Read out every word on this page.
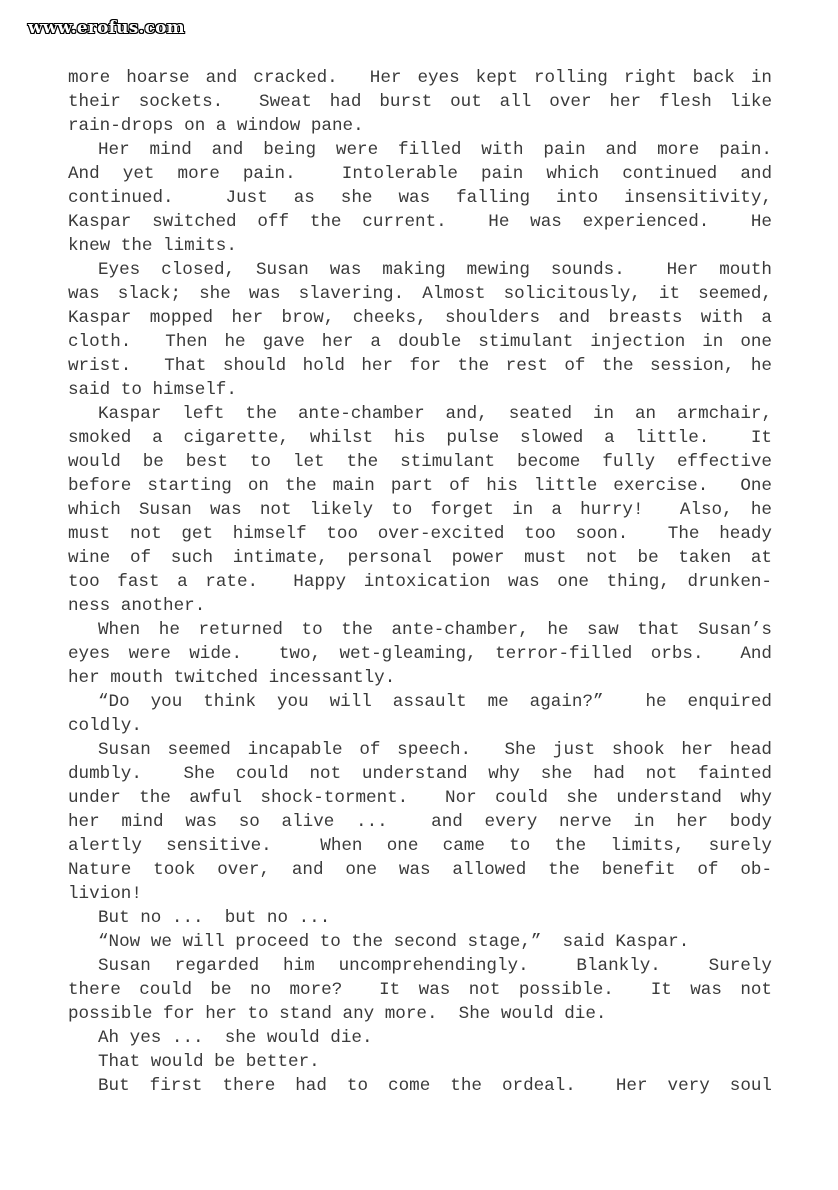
www.erofus.com
more hoarse and cracked.  Her eyes kept rolling right back in
their sockets.  Sweat had burst out all over her flesh like
rain-drops on a window pane.
Her mind and being were filled with pain and more pain.
And yet more pain.  Intolerable pain which continued and
continued.  Just as she was falling into insensitivity,
Kaspar switched off the current.  He was experienced.  He
knew the limits.
Eyes closed, Susan was making mewing sounds.  Her mouth
was slack; she was slavering. Almost solicitously, it seemed,
Kaspar mopped her brow, cheeks, shoulders and breasts with a
cloth.  Then he gave her a double stimulant injection in one
wrist.  That should hold her for the rest of the session, he
said to himself.
Kaspar left the ante-chamber and, seated in an armchair,
smoked a cigarette, whilst his pulse slowed a little.  It
would be best to let the stimulant become fully effective
before starting on the main part of his little exercise.  One
which Susan was not likely to forget in a hurry!  Also, he
must not get himself too over-excited too soon.  The heady
wine of such intimate, personal power must not be taken at
too fast a rate.  Happy intoxication was one thing, drunken-
ness another.
When he returned to the ante-chamber, he saw that Susan’s
eyes were wide.  two, wet-gleaming, terror-filled orbs.  And
her mouth twitched incessantly.
“Do you think you will assault me again?”  he enquired
coldly.
Susan seemed incapable of speech.  She just shook her head
dumbly.  She could not understand why she had not fainted
under the awful shock-torment.  Nor could she understand why
her mind was so alive ...  and every nerve in her body
alertly sensitive.  When one came to the limits, surely
Nature took over, and one was allowed the benefit of ob-
livion!
But no ...  but no ...
“Now we will proceed to the second stage,”  said Kaspar.
Susan regarded him uncomprehendingly.  Blankly.  Surely
there could be no more?  It was not possible.  It was not
possible for her to stand any more.  She would die.
Ah yes ...  she would die.
That would be better.
But first there had to come the ordeal.  Her very soul
